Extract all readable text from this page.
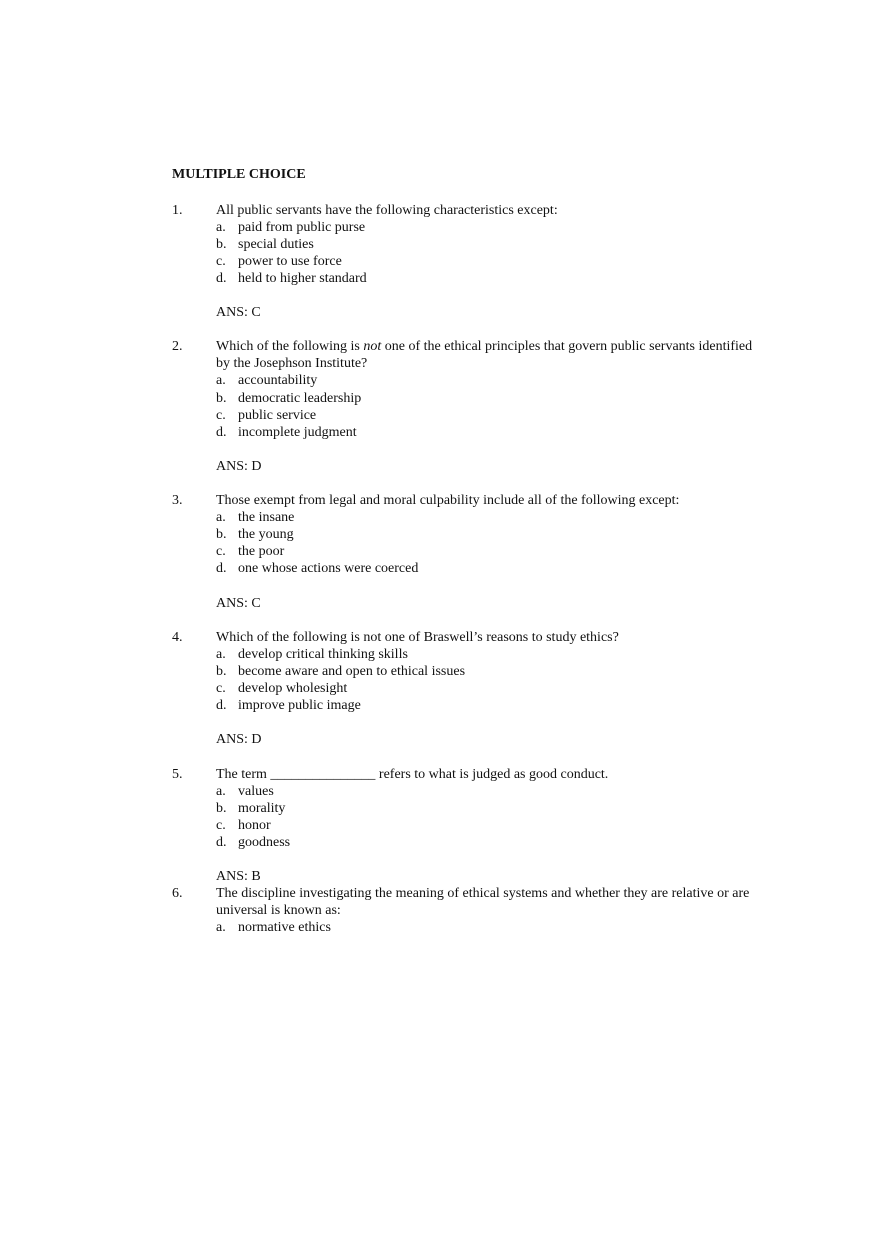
MULTIPLE CHOICE
1. All public servants have the following characteristics except:
a. paid from public purse
b. special duties
c. power to use force
d. held to higher standard
ANS: C
2. Which of the following is not one of the ethical principles that govern public servants identified by the Josephson Institute?
a. accountability
b. democratic leadership
c. public service
d. incomplete judgment
ANS: D
3. Those exempt from legal and moral culpability include all of the following except:
a. the insane
b. the young
c. the poor
d. one whose actions were coerced
ANS: C
4. Which of the following is not one of Braswell’s reasons to study ethics?
a. develop critical thinking skills
b. become aware and open to ethical issues
c. develop wholesight
d. improve public image
ANS: D
5. The term _______________ refers to what is judged as good conduct.
a. values
b. morality
c. honor
d. goodness
ANS: B
6. The discipline investigating the meaning of ethical systems and whether they are relative or are universal is known as:
a. normative ethics
